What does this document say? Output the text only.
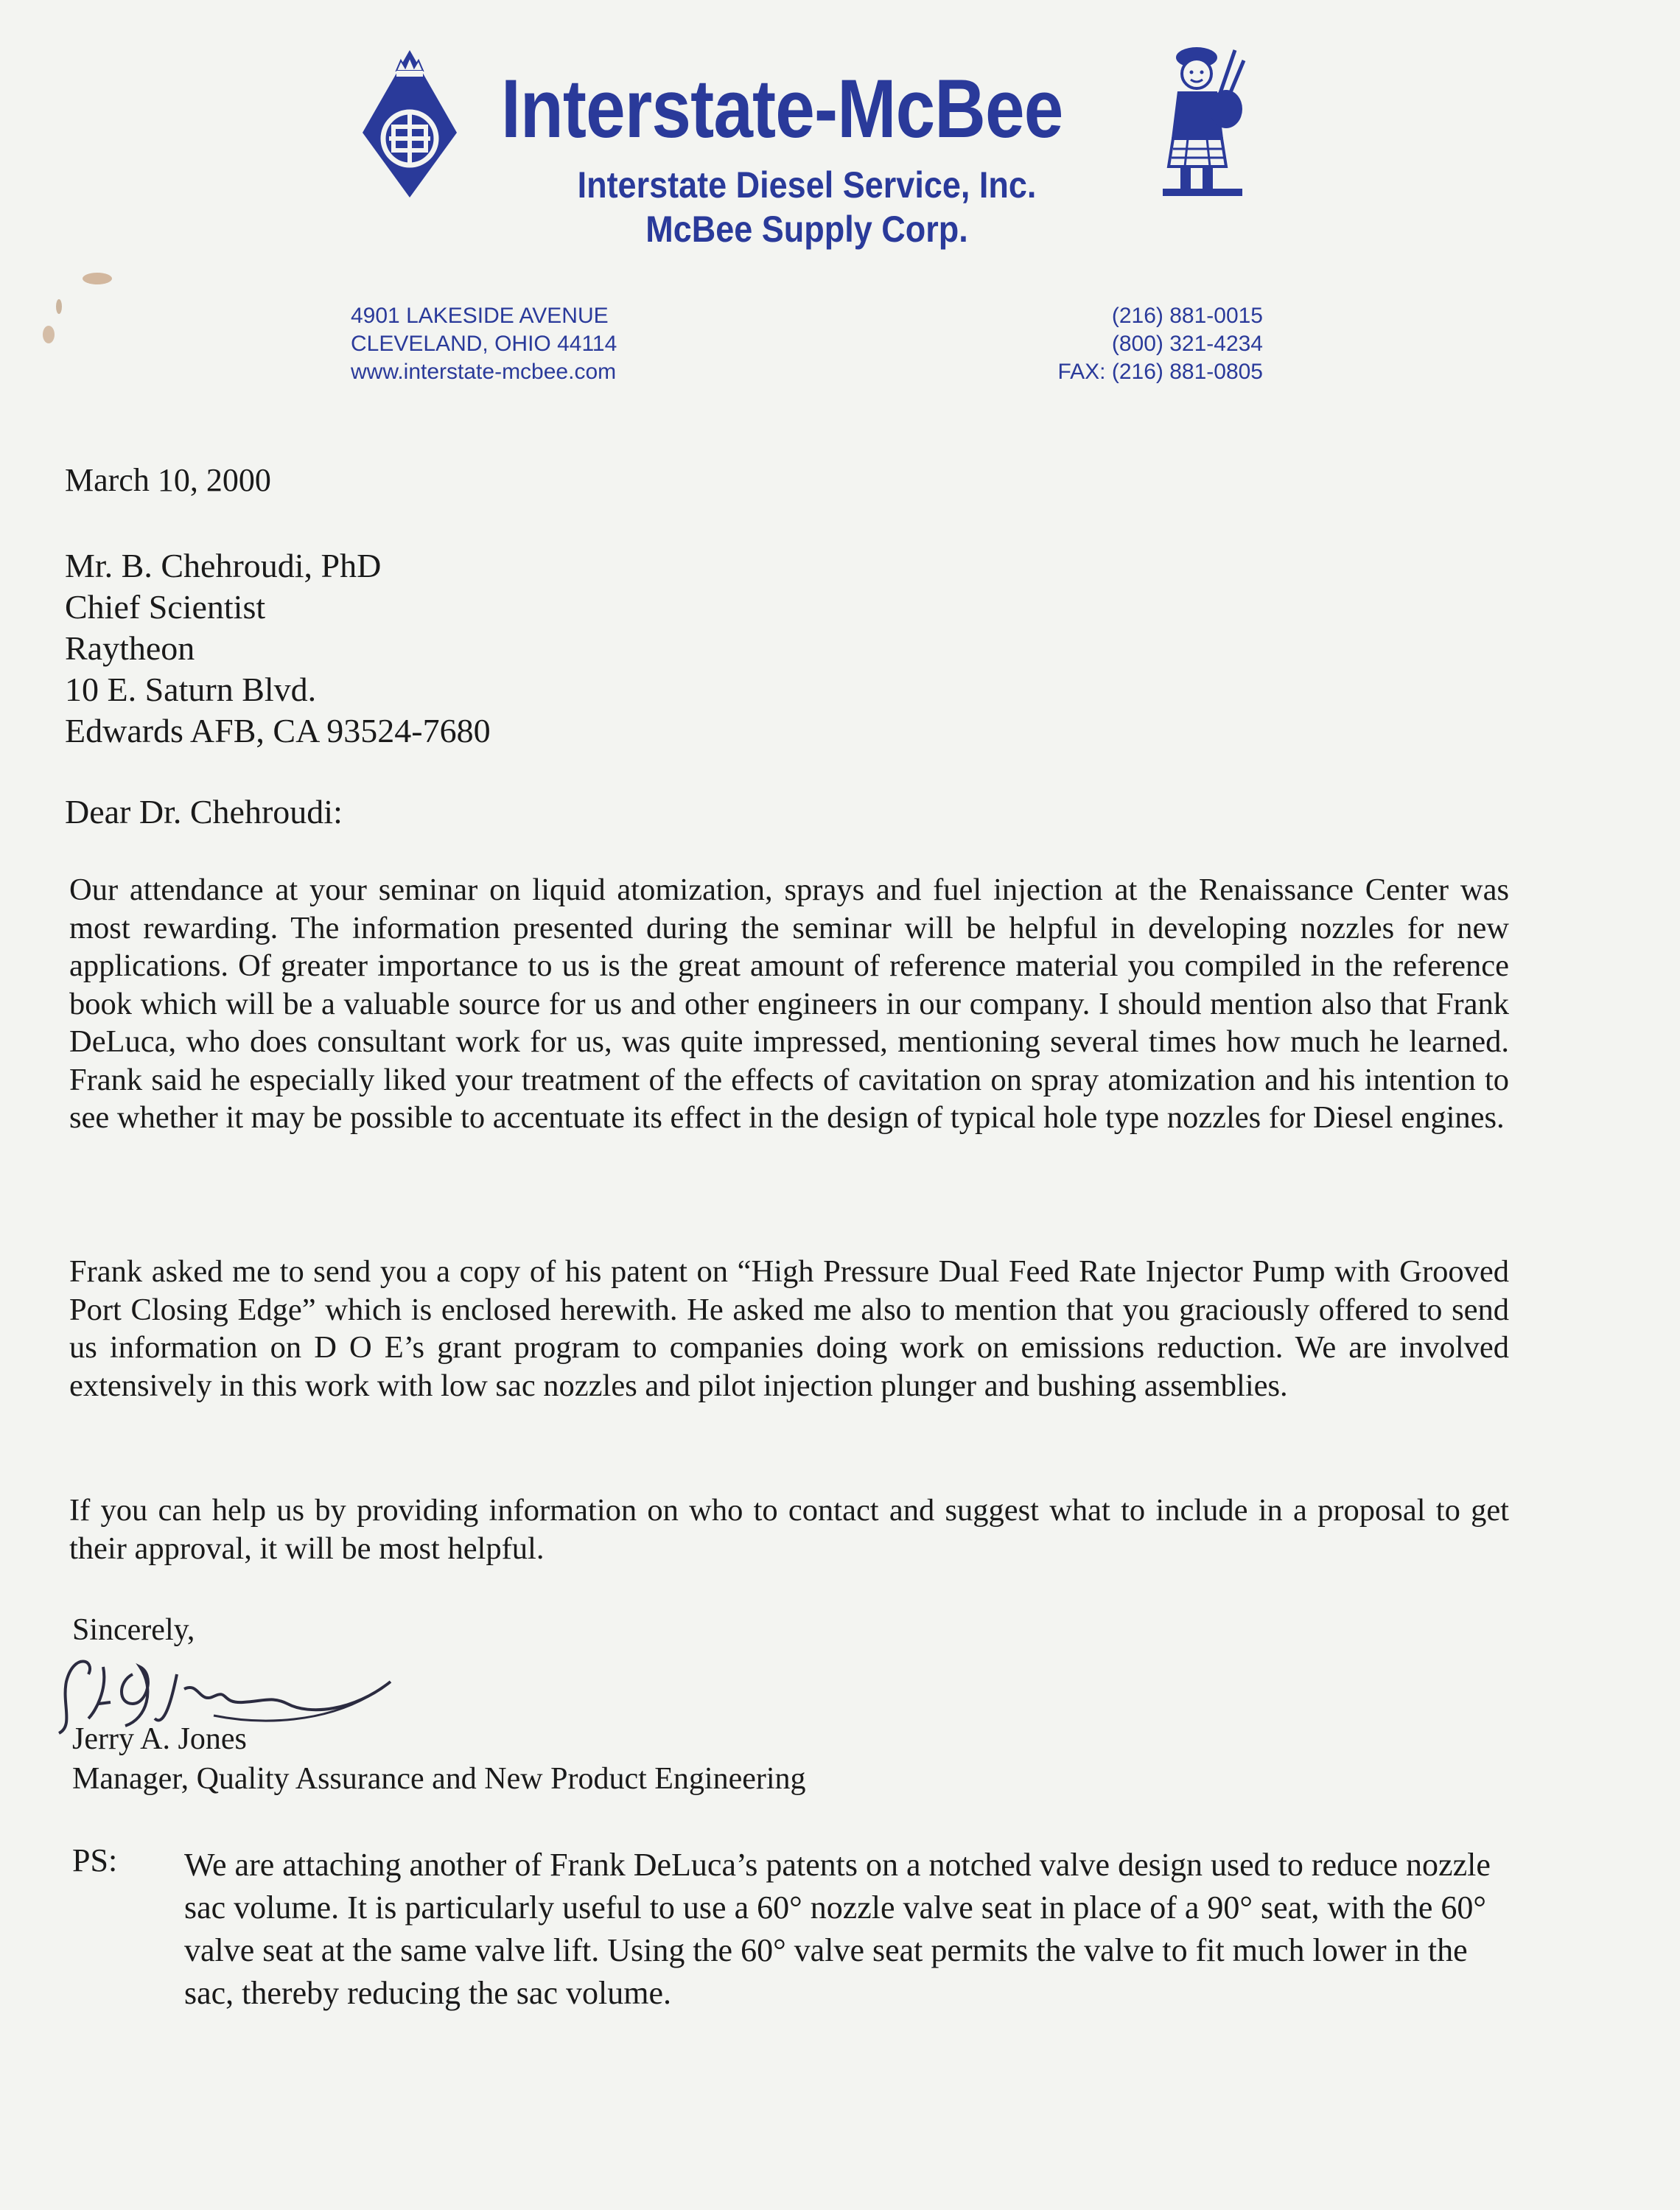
Interstate-McBee
Interstate Diesel Service, Inc.
McBee Supply Corp.
4901 LAKESIDE AVENUE
CLEVELAND, OHIO 44114
www.interstate-mcbee.com
(216) 881-0015
(800) 321-4234
FAX: (216) 881-0805
March 10, 2000
Mr. B. Chehroudi, PhD
Chief Scientist
Raytheon
10 E. Saturn Blvd.
Edwards AFB, CA 93524-7680
Dear Dr. Chehroudi:
Our attendance at your seminar on liquid atomization, sprays and fuel injection at the Renaissance Center was most rewarding. The information presented during the seminar will be helpful in developing nozzles for new applications. Of greater importance to us is the great amount of reference material you compiled in the reference book which will be a valuable source for us and other engineers in our company. I should mention also that Frank DeLuca, who does consultant work for us, was quite impressed, mentioning several times how much he learned. Frank said he especially liked your treatment of the effects of cavitation on spray atomization and his intention to see whether it may be possible to accentuate its effect in the design of typical hole type nozzles for Diesel engines.
Frank asked me to send you a copy of his patent on “High Pressure Dual Feed Rate Injector Pump with Grooved Port Closing Edge” which is enclosed herewith. He asked me also to mention that you graciously offered to send us information on D O E’s grant program to companies doing work on emissions reduction. We are involved extensively in this work with low sac nozzles and pilot injection plunger and bushing assemblies.
If you can help us by providing information on who to contact and suggest what to include in a proposal to get their approval, it will be most helpful.
Sincerely,
Jerry A. Jones
Manager, Quality Assurance and New Product Engineering
PS: We are attaching another of Frank DeLuca’s patents on a notched valve design used to reduce nozzle sac volume. It is particularly useful to use a 60° nozzle valve seat in place of a 90° seat, with the 60° valve seat at the same valve lift. Using the 60° valve seat permits the valve to fit much lower in the sac, thereby reducing the sac volume.
